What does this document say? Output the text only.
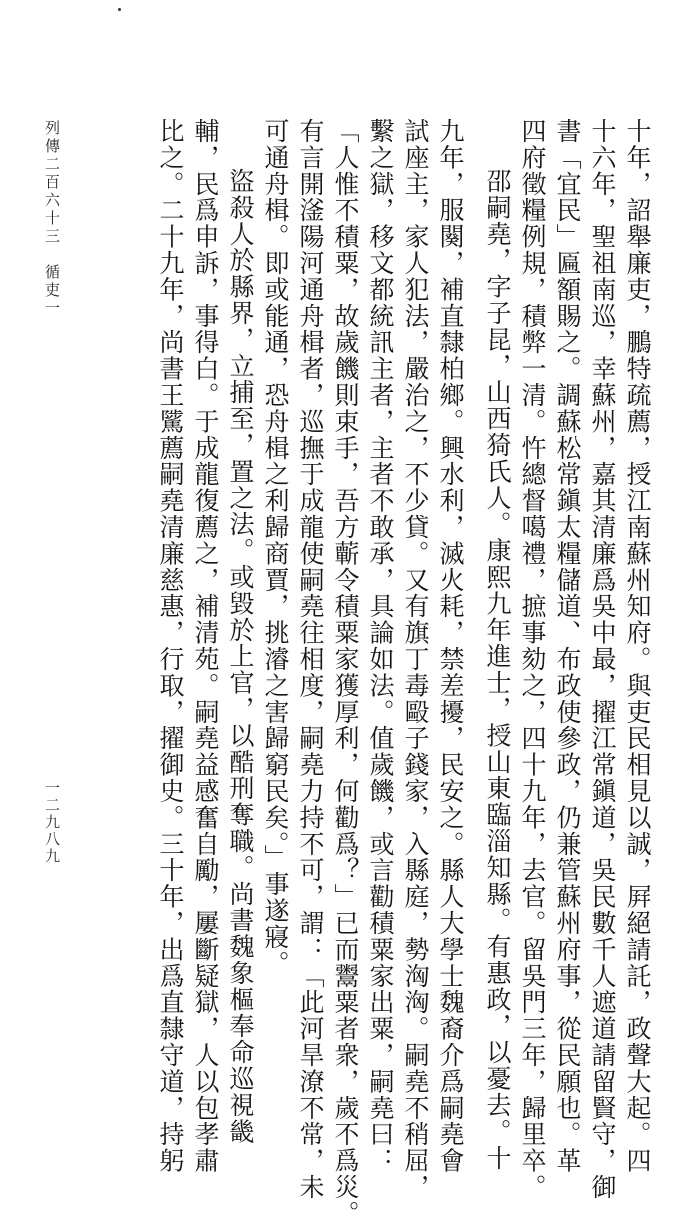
十年，詔舉廉吏，鵬特疏薦，授江南蘇州知府。與吏民相見以誠，屛絕請託，政聲大起。四
十六年，聖祖南巡，幸蘇州，嘉其清廉爲吳中最，擢江常鎭道，吳民數千人遮道請留賢守，御
書「宜民」匾額賜之。調蘇松常鎭太糧儲道、布政使參政，仍兼管蘇州府事，從民願也。革
四府徵糧例規，積弊一清。忤總督噶禮，摭事劾之，四十九年，去官。留吳門三年，歸里卒。
邵嗣堯，字子昆，山西猗氏人。康熙九年進士，授山東臨淄知縣。有惠政，以憂去。十
九年，服闋，補直隸柏鄉。興水利，滅火耗，禁差擾，民安之。縣人大學士魏裔介爲嗣堯會
試座主，家人犯法，嚴治之，不少貸。又有旗丁毒毆子錢家，入縣庭，勢洶洶。嗣堯不稍屈，
繫之獄，移文都統訊主者，主者不敢承，具論如法。值歲饑，或言勸積粟家出粟，嗣堯曰：
「人惟不積粟，故歲饑則束手，吾方蘄令積粟家獲厚利，何勸爲？」已而鬻粟者衆，歲不爲災。
有言開滏陽河通舟楫者，巡撫于成龍使嗣堯往相度，嗣堯力持不可，謂：「此河旱潦不常，未
可通舟楫。即或能通，恐舟楫之利歸商賈，挑濬之害歸窮民矣。」事遂寢。
盜殺人於縣界，立捕至，置之法。或毀於上官，以酷刑奪職。尚書魏象樞奉命巡視畿
輔，民爲申訴，事得白。于成龍復薦之，補清苑。嗣堯益感奮自勵，屢斷疑獄，人以包孝肅
比之。二十九年，尚書王騭薦嗣堯清廉慈惠，行取，擢御史。三十年，出爲直隸守道，持躬
列傳二百六十三　循吏一
一二九八九
